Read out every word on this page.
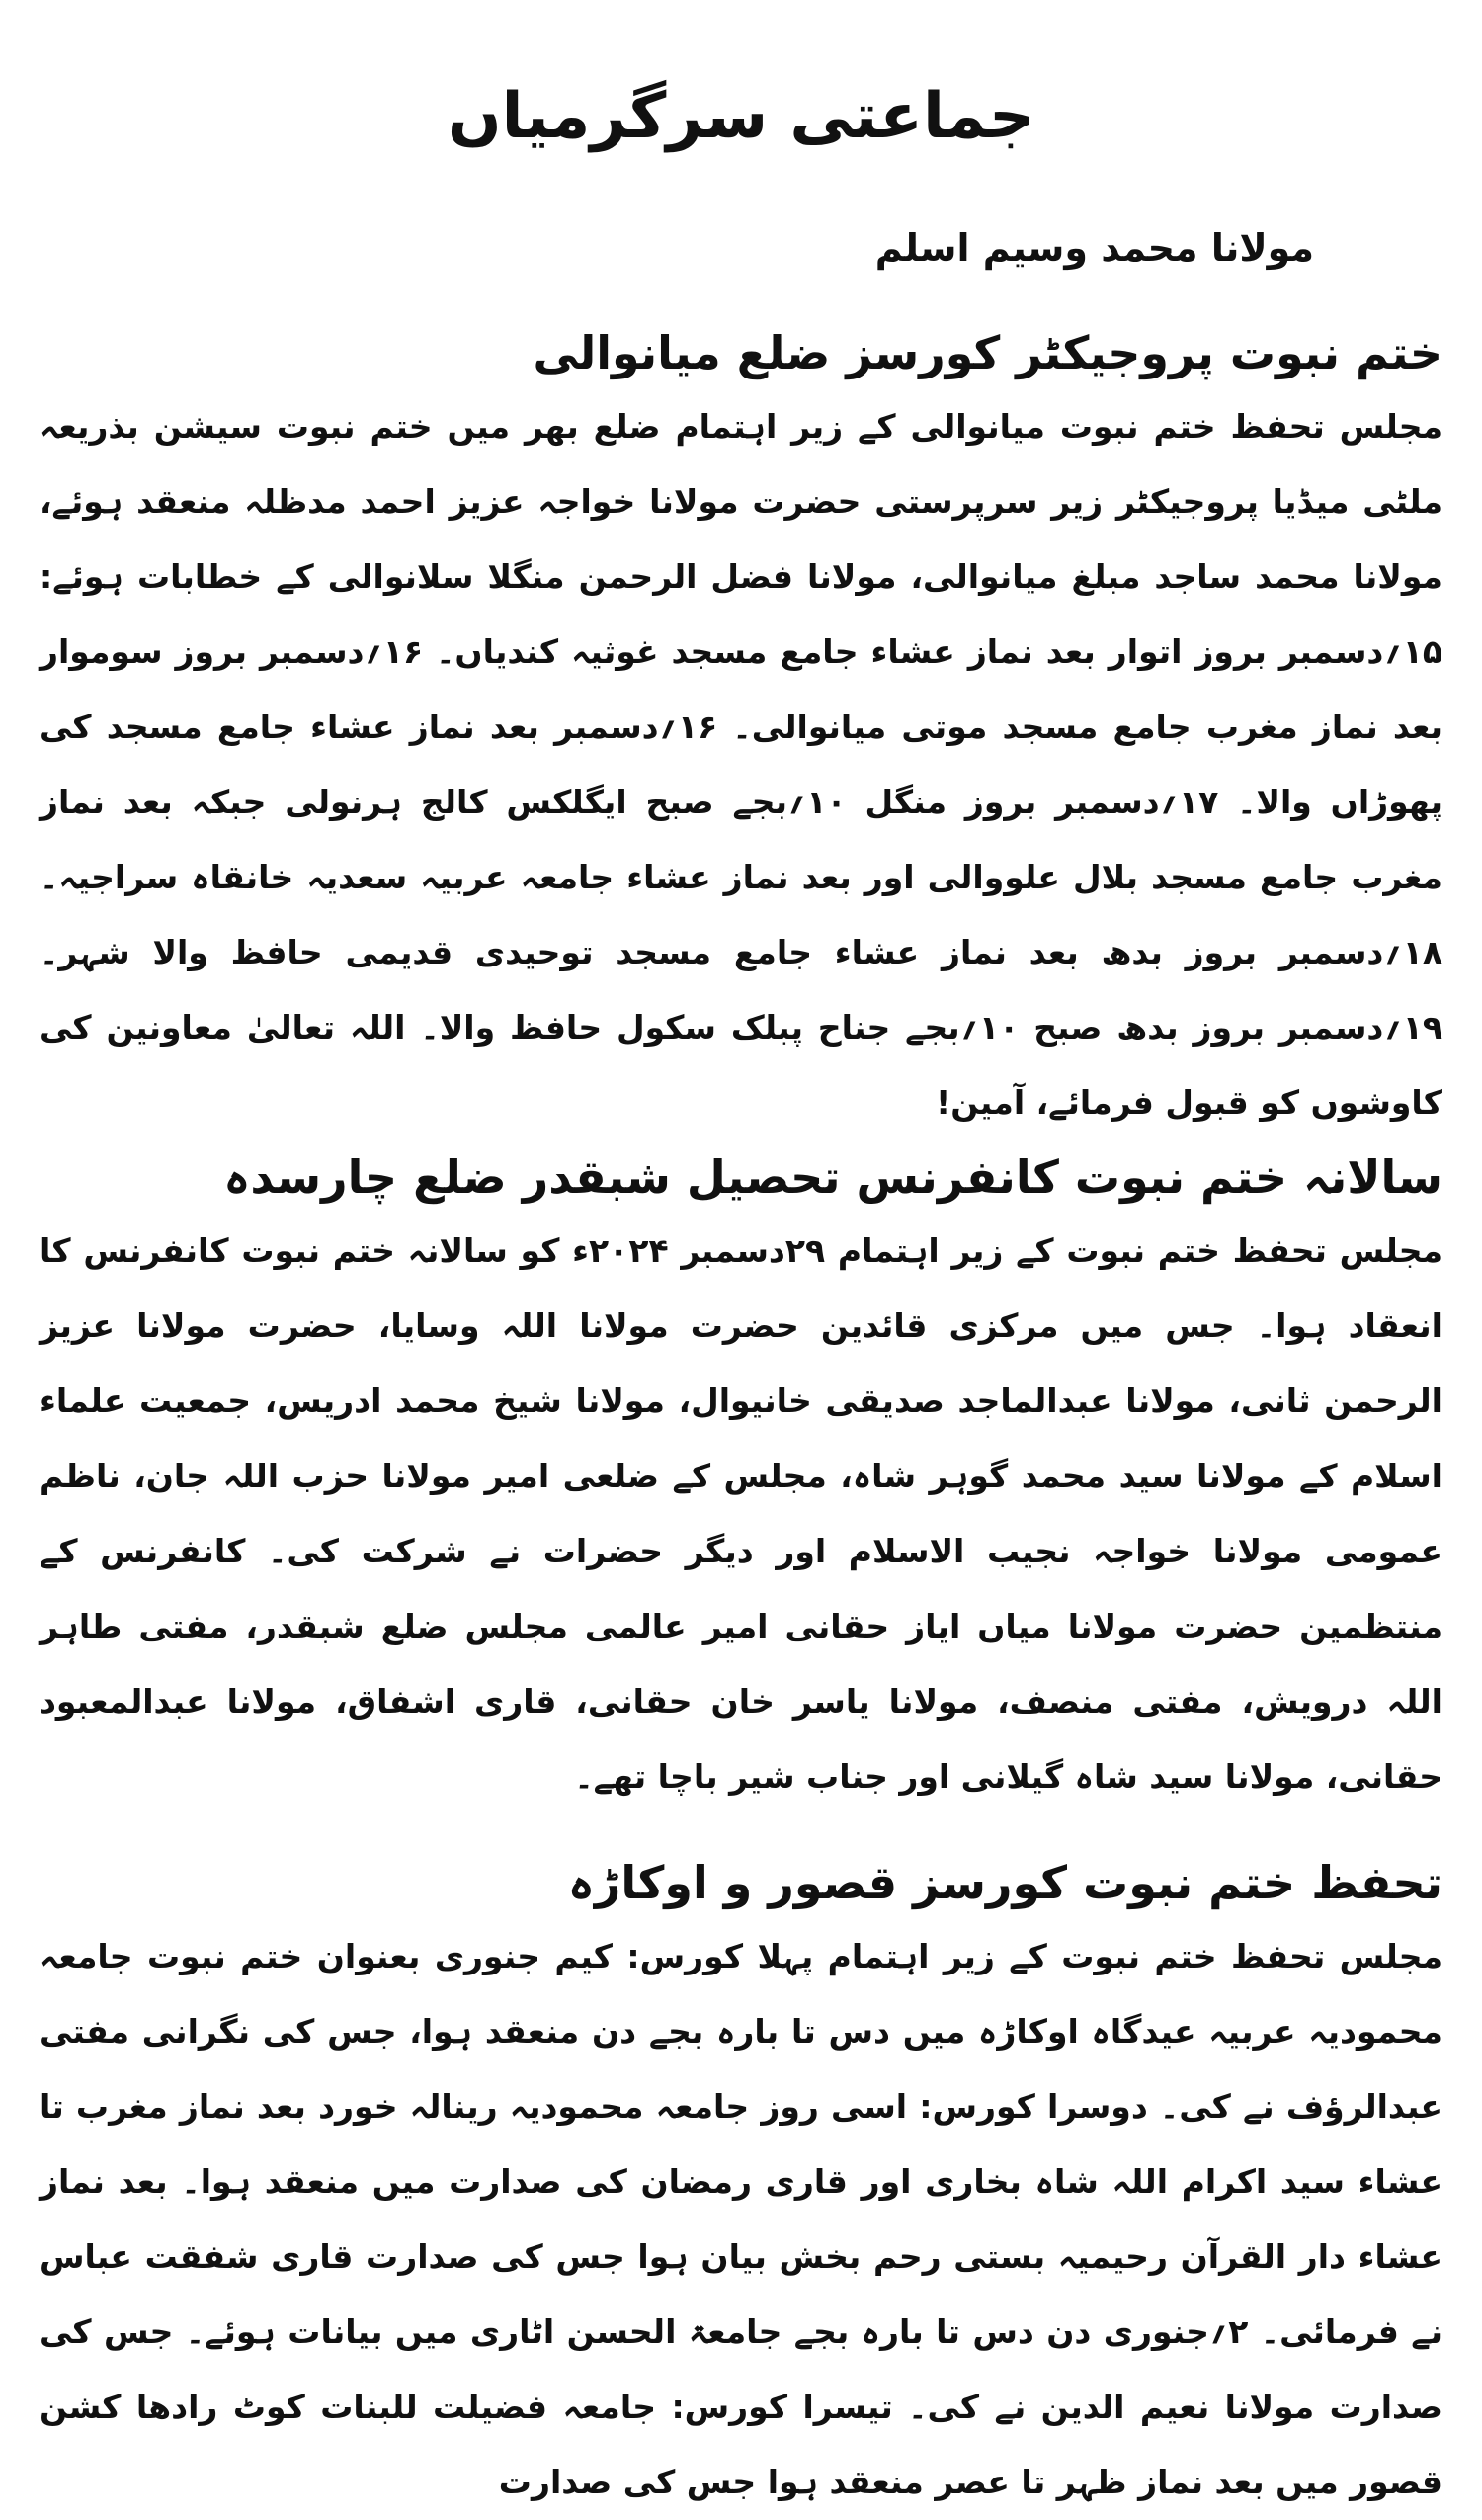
جماعتی سرگرمیاں
مولانا محمد وسیم اسلم
ختم نبوت پروجیکٹر کورسز ضلع میانوالی

مجلس تحفظ ختم نبوت میانوالی کے زیر اہتمام ضلع بھر میں ختم نبوت سیشن بذریعہ ملٹی میڈیا پروجیکٹر زیر سرپرستی حضرت مولانا خواجہ عزیز احمد مدظلہ منعقد ہوئے، مولانا محمد ساجد مبلغ میانوالی، مولانا فضل الرحمن منگلا سلانوالی کے خطابات ہوئے: ۱۵؍دسمبر بروز اتوار بعد نماز عشاء جامع مسجد غوثیہ کندیاں۔ ۱۶؍دسمبر بروز سوموار بعد نماز مغرب جامع مسجد موتی میانوالی۔ ۱۶؍دسمبر بعد نماز عشاء جامع مسجد کی پھوڑاں والا۔ ۱۷؍دسمبر بروز منگل ۱۰؍بجے صبح ایگلکس کالج ہرنولی جبکہ بعد نماز مغرب جامع مسجد بلال علووالی اور بعد نماز عشاء جامعہ عربیہ سعدیہ خانقاہ سراجیہ۔ ۱۸؍دسمبر بروز بدھ بعد نماز عشاء جامع مسجد توحیدی قدیمی حافظ والا شہر۔ ۱۹؍دسمبر بروز بدھ صبح ۱۰؍بجے جناح پبلک سکول حافظ والا۔ اللہ تعالیٰ معاونین کی کاوشوں کو قبول فرمائے، آمین!

سالانہ ختم نبوت کانفرنس تحصیل شبقدر ضلع چارسدہ

مجلس تحفظ ختم نبوت کے زیر اہتمام ۲۹دسمبر ۲۰۲۴ء کو سالانہ ختم نبوت کانفرنس کا انعقاد ہوا۔ جس میں مرکزی قائدین حضرت مولانا اللہ وسایا، حضرت مولانا عزیز الرحمن ثانی، مولانا عبدالماجد صدیقی خانیوال، مولانا شیخ محمد ادریس، جمعیت علماء اسلام کے مولانا سید محمد گوہر شاہ، مجلس کے ضلعی امیر مولانا حزب اللہ جان، ناظم عمومی مولانا خواجہ نجیب الاسلام اور دیگر حضرات نے شرکت کی۔ کانفرنس کے منتظمین حضرت مولانا میاں ایاز حقانی امیر عالمی مجلس ضلع شبقدر، مفتی طاہر اللہ درویش، مفتی منصف، مولانا یاسر خان حقانی، قاری اشفاق، مولانا عبدالمعبود حقانی، مولانا سید شاہ گیلانی اور جناب شیر باچا تھے۔

تحفظ ختم نبوت کورسز قصور و اوکاڑہ

مجلس تحفظ ختم نبوت کے زیر اہتمام پہلا کورس: کیم جنوری بعنوان ختم نبوت جامعہ محمودیہ عربیہ عیدگاہ اوکاڑہ میں دس تا بارہ بجے دن منعقد ہوا، جس کی نگرانی مفتی عبدالرؤف نے کی۔ دوسرا کورس: اسی روز جامعہ محمودیہ رینالہ خورد بعد نماز مغرب تا عشاء سید اکرام اللہ شاہ بخاری اور قاری رمضان کی صدارت میں منعقد ہوا۔ بعد نماز عشاء دار القرآن رحیمیہ بستی رحم بخش بیان ہوا جس کی صدارت قاری شفقت عباس نے فرمائی۔ ۲؍جنوری دن دس تا بارہ بجے جامعۃ الحسن اٹاری میں بیانات ہوئے۔ جس کی صدارت مولانا نعیم الدین نے کی۔ تیسرا کورس: جامعہ فضیلت للبنات کوٹ رادھا کشن قصور میں بعد نماز ظہر تا عصر منعقد ہوا جس کی صدارت
